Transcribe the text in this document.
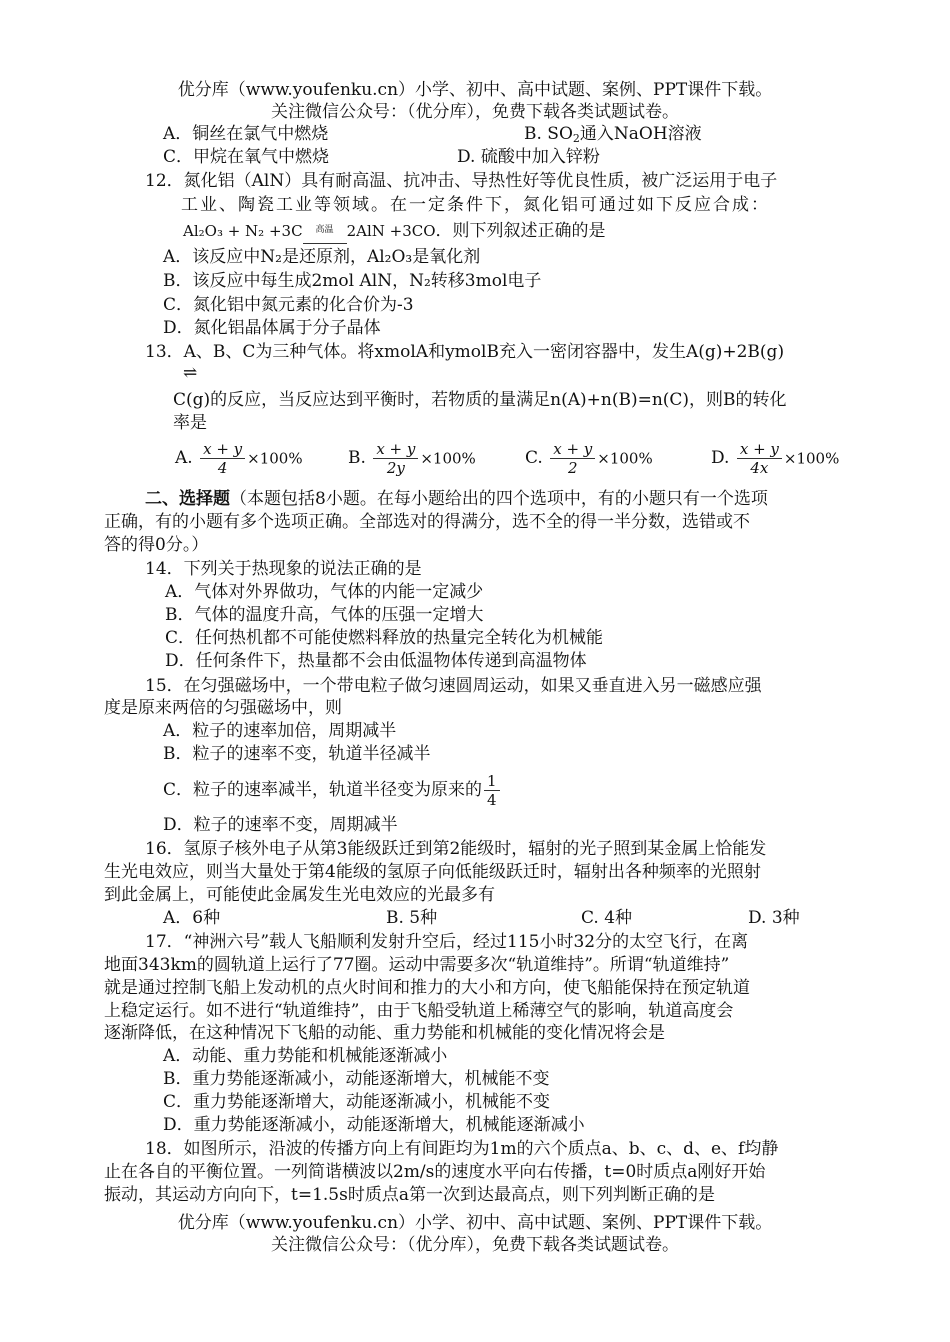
优分库（www.youfenku.cn）小学、初中、高中试题、案例、PPT课件下载。
关注微信公众号：（优分库），免费下载各类试题试卷。
A．铜丝在氯气中燃烧	B. $SO_2$通入NaOH溶液
C．甲烷在氧气中燃烧	D. 硫酸中加入锌粉
12．氮化铝（AlN）具有耐高温、抗冲击、导热性好等优良性质，被广泛运用于电子
工业、陶瓷工业等领域。在一定条件下，氮化铝可通过如下反应合成：
Al₂O₃ + N₂ +3C 高温 2AlN +3CO．则下列叙述正确的是
A．该反应中N₂是还原剂，Al₂O₃是氧化剂
B．该反应中每生成2mol AlN，N₂转移3mol电子
C．氮化铝中氮元素的化合价为-3
D．氮化铝晶体属于分子晶体
13．A、B、C为三种气体。将xmolA和ymolB充入一密闭容器中，发生A(g)+2B(g)
⇌
C(g)的反应，当反应达到平衡时，若物质的量满足n(A)+n(B)=n(C)，则B的转化
率是
A. $\frac{x + y}{4} \times 100\%$	B. $\frac{x + y}{2y} \times 100\%$	C. $\frac{x + y}{2} \times 100\%$	D. $\frac{x + y}{4x} \times 100\%$
二、选择题（本题包括8小题。在每小题给出的四个选项中，有的小题只有一个选项
正确，有的小题有多个选项正确。全部选对的得满分，选不全的得一半分数，选错或不
答的得0分。）
14．下列关于热现象的说法正确的是
A．气体对外界做功，气体的内能一定减少
B．气体的温度升高，气体的压强一定增大
C．任何热机都不可能使燃料释放的热量完全转化为机械能
D．任何条件下，热量都不会由低温物体传递到高温物体
15．在匀强磁场中，一个带电粒子做匀速圆周运动，如果又垂直进入另一磁感应强
度是原来两倍的匀强磁场中，则
A．粒子的速率加倍，周期减半
B．粒子的速率不变，轨道半径减半
C．粒子的速率减半，轨道半径变为原来的 $\frac{1}{4}$
D．粒子的速率不变，周期减半
16．氢原子核外电子从第3能级跃迁到第2能级时，辐射的光子照到某金属上恰能发
生光电效应，则当大量处于第4能级的氢原子向低能级跃迁时，辐射出各种频率的光照射
到此金属上，可能使此金属发生光电效应的光最多有
A．6种	B. 5种	C. 4种	D. 3种
17．“神洲六号”载人飞船顺利发射升空后，经过115小时32分的太空飞行，在离
地面343km的圆轨道上运行了77圈。运动中需要多次“轨道维持”。所谓“轨道维持”
就是通过控制飞船上发动机的点火时间和推力的大小和方向，使飞船能保持在预定轨道
上稳定运行。如不进行“轨道维持”，由于飞船受轨道上稀薄空气的影响，轨道高度会
逐渐降低，在这种情况下飞船的动能、重力势能和机械能的变化情况将会是
A．动能、重力势能和机械能逐渐减小
B．重力势能逐渐减小，动能逐渐增大，机械能不变
C．重力势能逐渐增大，动能逐渐减小，机械能不变
D．重力势能逐渐减小，动能逐渐增大，机械能逐渐减小
18．如图所示，沿波的传播方向上有间距均为1m的六个质点a、b、c、d、e、f均静
止在各自的平衡位置。一列简谐横波以2m/s的速度水平向右传播，t=0时质点a刚好开始
振动，其运动方向向下，t=1.5s时质点a第一次到达最高点，则下列判断正确的是
优分库（www.youfenku.cn）小学、初中、高中试题、案例、PPT课件下载。
关注微信公众号：（优分库），免费下载各类试题试卷。
